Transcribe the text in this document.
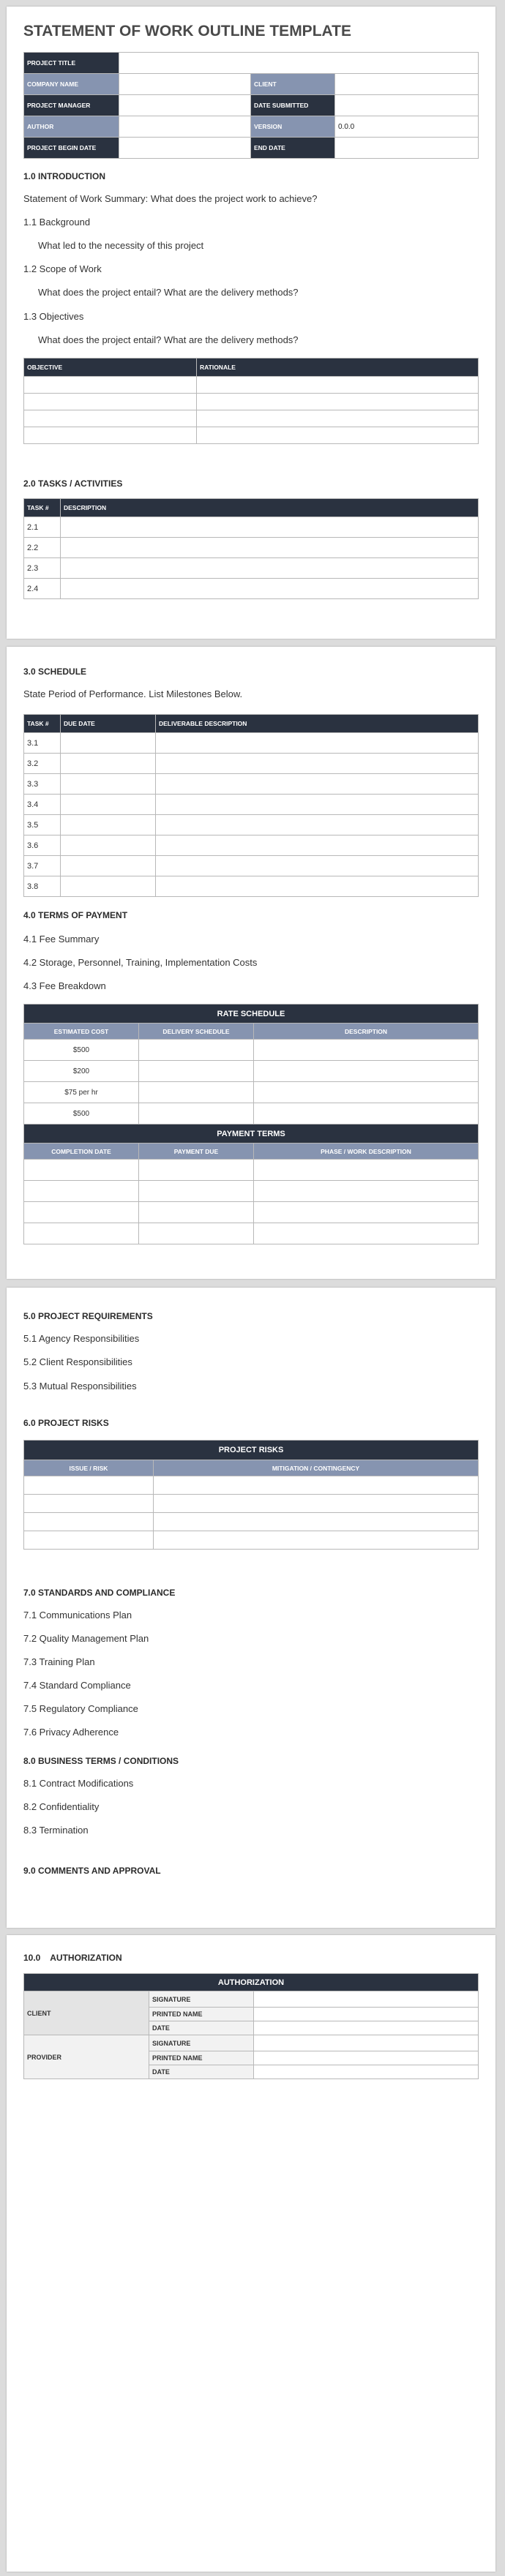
STATEMENT OF WORK OUTLINE TEMPLATE
PROJECT TITLE			
COMPANY NAME		CLIENT	
PROJECT MANAGER		DATE SUBMITTED	
AUTHOR		VERSION	0.0.0
PROJECT BEGIN DATE		END DATE	

1.0 INTRODUCTION

Statement of Work Summary: What does the project work to achieve?

1.1 Background

What led to the necessity of this project

1.2 Scope of Work

What does the project entail? What are the delivery methods?

1.3 Objectives

What does the project entail? What are the delivery methods?

OBJECTIVE	RATIONALE

2.0 TASKS / ACTIVITIES

TASK #	DESCRIPTION
2.1	
2.2	
2.3	
2.4	

3.0 SCHEDULE

State Period of Performance. List Milestones Below.

TASK #	DUE DATE	DELIVERABLE DESCRIPTION
3.1		
3.2		
3.3		
3.4		
3.5		
3.6		
3.7		
3.8		

4.0 TERMS OF PAYMENT

4.1 Fee Summary

4.2 Storage, Personnel, Training, Implementation Costs

4.3 Fee Breakdown

RATE SCHEDULE		
ESTIMATED COST	DELIVERY SCHEDULE	DESCRIPTION
$500		
$200		
$75 per hr		
$500		
PAYMENT TERMS		
COMPLETION DATE	PAYMENT DUE	PHASE / WORK DESCRIPTION

5.0 PROJECT REQUIREMENTS

5.1 Agency Responsibilities

5.2 Client Responsibilities

5.3 Mutual Responsibilities

6.0 PROJECT RISKS

PROJECT RISKS	
ISSUE / RISK	MITIGATION / CONTINGENCY

7.0 STANDARDS AND COMPLIANCE

7.1 Communications Plan

7.2 Quality Management Plan

7.3 Training Plan

7.4 Standard Compliance

7.5 Regulatory Compliance

7.6 Privacy Adherence

8.0 BUSINESS TERMS / CONDITIONS

8.1 Contract Modifications

8.2 Confidentiality

8.3 Termination

9.0 COMMENTS AND APPROVAL

10.0    AUTHORIZATION

AUTHORIZATION		
CLIENT	SIGNATURE	
	PRINTED NAME	
	DATE	
PROVIDER	SIGNATURE	
	PRINTED NAME	
	DATE	
